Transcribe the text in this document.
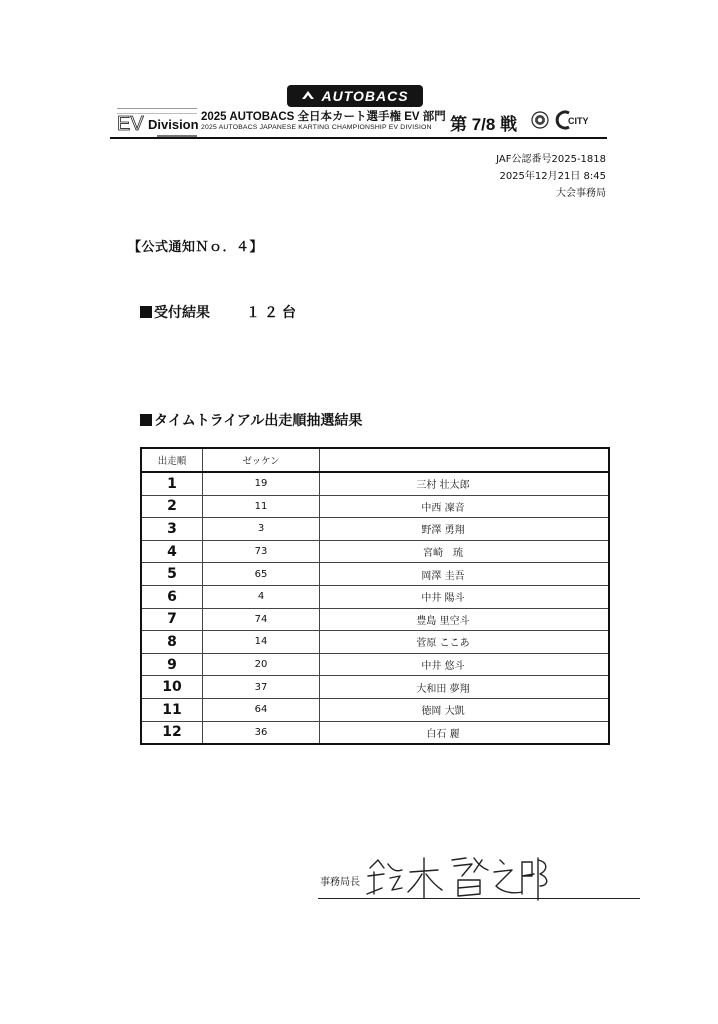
AUTOBACS
EV Division 2025 AUTOBACS 全日本カート選手権 EV 部門
2025 AUTOBACS JAPANESE KARTING CHAMPIONSHIP EV DIVISION 第 7/8 戦	CITY
JAF公認番号2025-1818
2025年12月21日 8:45
大会事務局
【公式通知Ｎｏ．４】
受付結果	１２台
タイムトライアル出走順抽選結果
出走順	ゼッケン	
1	19	三村 壮太郎
2	11	中西 凜音
3	3	野澤 勇翔
4	73	宮崎　琉
5	65	岡澤 圭吾
6	4	中井 陽斗
7	74	豊島 里空斗
8	14	菅原 ここあ
9	20	中井 悠斗
10	37	大和田 夢翔
11	64	徳岡 大凱
12	36	白石 麗
事務局長
鈴木啓之郎
